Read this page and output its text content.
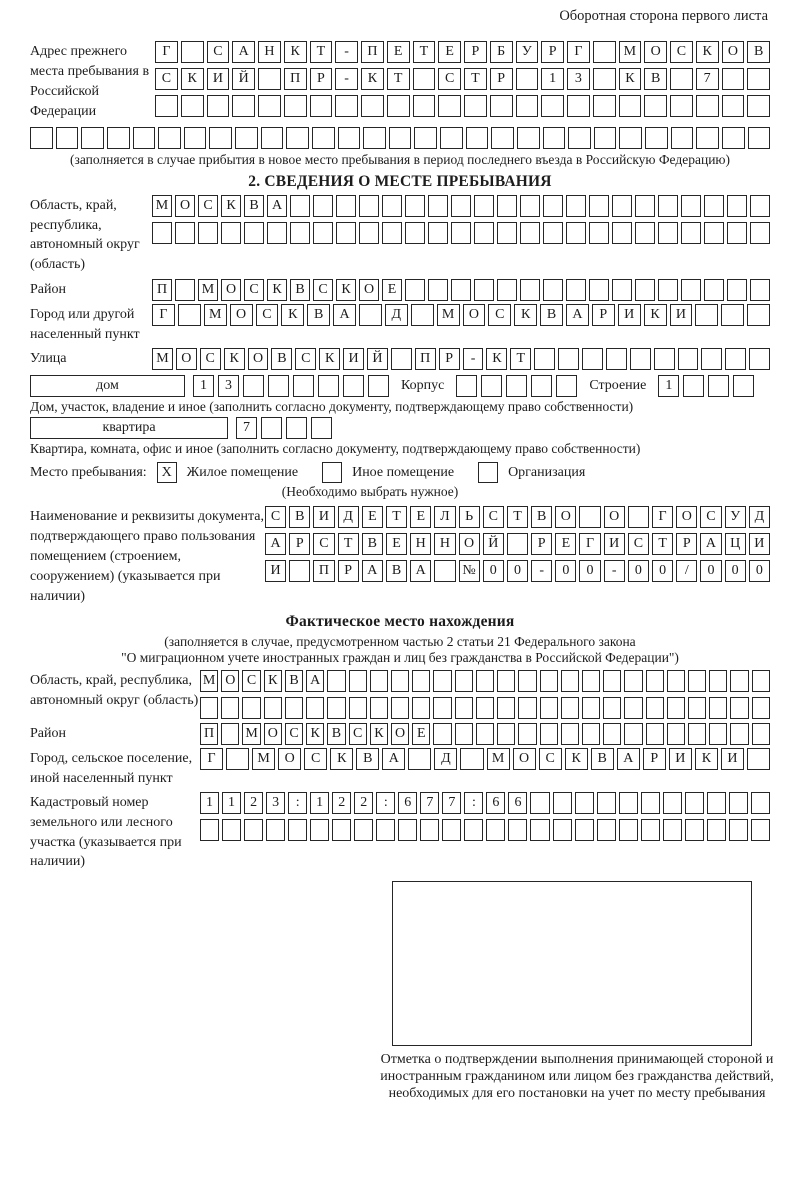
Оборотная сторона первого листа
Адрес прежнего места пребывания в Российской Федерации
Г	С	А	Н	К	Т	-	П	Е	Т	Е	Р	Б	У	Р	Г	М	О	С	К	О	В
С	К	И	Й	П	Р	-	К	Т	С	Т	Р	1	3	К	В	7
(заполняется в случае прибытия в новое место пребывания в период последнего въезда в Российскую Федерацию)
2. СВЕДЕНИЯ О МЕСТЕ ПРЕБЫВАНИЯ
Область, край, республика, автономный округ (область)
М О С К В А
Район	П	М О С К В С К О Е
Город или другой населенный пункт
Г	М	О	С	К	В	А	Д	М	О	С	К	В	А	Р	И	К	И
Улица	М О	С	К	О	В	С	К	И Й	П	Р	-	К	Т
дом	1	3	Корпус	Строение	1
Дом, участок, владение и иное (заполнить согласно документу, подтверждающему право собственности)
квартира	7
Квартира, комната, офис и иное (заполнить согласно документу, подтверждающему право собственности)
Место пребывания:	X	Жилое помещение	Иное помещение	Организация
(Необходимо выбрать нужное)
Наименование и реквизиты документа, подтверждающего право пользования помещением (строением, сооружением) (указывается при наличии)
С	В	И	Д	Е	Т	Е	Л	Ь	С	Т	В	О	О	Г	О	С	У	Д
А	Р	С	Т	В	Е	Н	Н	О	Й	Р	Е	Г	И	С	Т	Р	А	Ц	И
И	П	Р	А	В	А	№	0	0	-	0	0	-	0	0	/	0	0	0
Фактическое место нахождения
(заполняется в случае, предусмотренном частью 2 статьи 21 Федерального закона
"О миграционном учете иностранных граждан и лиц без гражданства в Российской Федерации")
Область, край, республика, автономный округ (область)
М О С К В А
Район	П М О С К В С К О Е
Город, сельское поселение, иной населенный пункт
Г	М	О	С	К	В	А	Д	М	О	С	К	В	А	Р	И	К	И
Кадастровый номер земельного или лесного участка (указывается при наличии)
1	1	2	3	:	1	2	2	:	6	7	7	:	6	6
Отметка о подтверждении выполнения принимающей стороной и иностранным гражданином или лицом без гражданства действий, необходимых для его постановки на учет по месту пребывания
